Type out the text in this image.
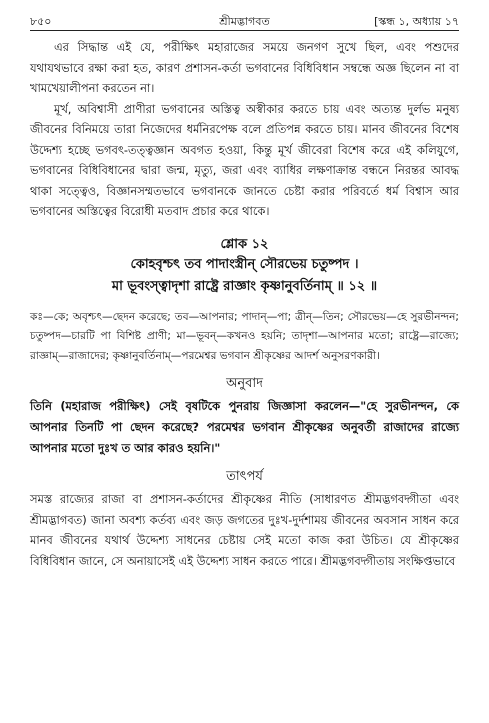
৮৫০	শ্রীমদ্ভাগবত	[স্কন্ধ ১, অধ্যায় ১৭

এর সিদ্ধান্ত এই যে, পরীক্ষিৎ মহারাজের সময়ে জনগণ সুখে ছিল, এবং পশুদের যথাযথভাবে রক্ষা করা হত, কারণ প্রশাসন-কর্তা ভগবানের বিধিবিধান সম্বন্ধে অজ্ঞ ছিলেন না বা খামখেয়ালীপনা করতেন না।

মূর্খ, অবিশ্বাসী প্রাণীরা ভগবানের অস্তিত্ব অস্বীকার করতে চায় এবং অত্যন্ত দুর্লভ মনুষ্য জীবনের বিনিময়ে তারা নিজেদের ধর্মনিরপেক্ষ বলে প্রতিপন্ন করতে চায়। মানব জীবনের বিশেষ উদ্দেশ্য হচ্ছে ভগবৎ-তত্ত্বজ্ঞান অবগত হওয়া, কিন্তু মূর্খ জীবেরা বিশেষ করে এই কলিযুগে, ভগবানের বিধিবিধানের দ্বারা জন্ম, মৃত্যু, জরা এবং ব্যাধির লক্ষণাক্রান্ত বন্ধনে নিরন্তর আবদ্ধ থাকা সত্ত্বেও, বিজ্ঞানসম্মতভাবে ভগবানকে জানতে চেষ্টা করার পরিবর্তে ধর্ম বিশ্বাস আর ভগবানের অস্তিত্বের বিরোধী মতবাদ প্রচার করে থাকে।

শ্লোক ১২
কোহবৃশ্চৎ তব পাদাংস্ত্রীন্ সৌরভেয় চতুষ্পদ ।
মা ভূবংস্ত্বাদৃশা রাষ্ট্রে রাজ্ঞাং কৃষ্ণানুবর্তিনাম্ ॥ ১২ ॥

কঃ—কে; অবৃশ্চৎ—ছেদন করেছে; তব—আপনার; পাদান্—পা; ত্রীন্—তিন; সৌরভেয়—হে সুরভীনন্দন; চতুষ্পদ—চারটি পা বিশিষ্ট প্রাণী; মা—ভূবন্—কখনও হয়নি; তাদৃশা—আপনার মতো; রাষ্ট্রে—রাজ্যে; রাজ্ঞাম্—রাজাদের; কৃষ্ণানুবর্তিনাম্—পরমেশ্বর ভগবান শ্রীকৃষ্ণের আদর্শ অনুসরণকারী।

অনুবাদ

তিনি (মহারাজ পরীক্ষিৎ) সেই বৃষটিকে পুনরায় জিজ্ঞাসা করলেন—"হে সুরভীনন্দন, কে আপনার তিনটি পা ছেদন করেছে? পরমেশ্বর ভগবান শ্রীকৃষ্ণের অনুবর্তী রাজাদের রাজ্যে আপনার মতো দুঃখ ত আর কারও হয়নি।"

তাৎপর্য

সমস্ত রাজ্যের রাজা বা প্রশাসন-কর্তাদের শ্রীকৃষ্ণের নীতি (সাধারণত শ্রীমদ্ভগবদ্গীতা এবং শ্রীমদ্ভাগবত) জানা অবশ্য কর্তব্য এবং জড় জগতের দুঃখ-দুর্দশাময় জীবনের অবসান সাধন করে মানব জীবনের যথার্থ উদ্দেশ্য সাধনের চেষ্টায় সেই মতো কাজ করা উচিত। যে শ্রীকৃষ্ণের বিধিবিধান জানে, সে অনায়াসেই এই উদ্দেশ্য সাধন করতে পারে। শ্রীমদ্ভগবদ্গীতায় সংক্ষিপ্তভাবে
